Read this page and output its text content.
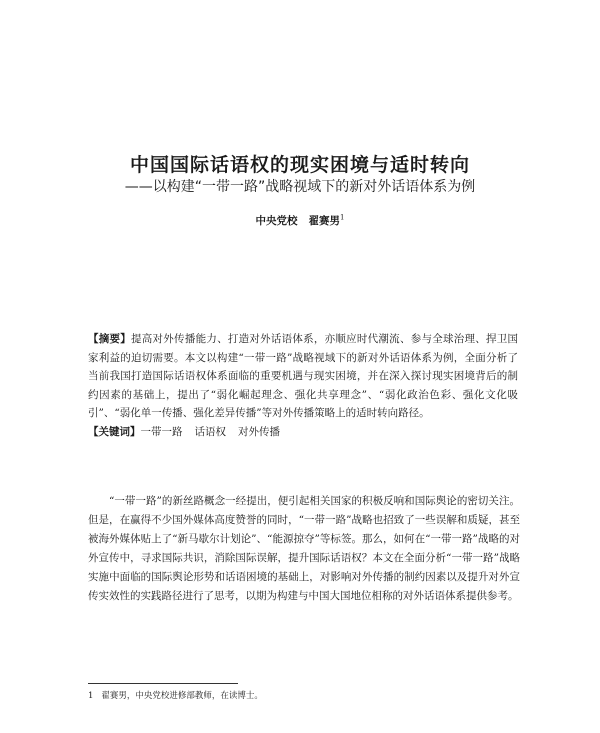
中国国际话语权的现实困境与适时转向
——以构建“一带一路”战略视域下的新对外话语体系为例
中央党校 翟赛男$^1$
【摘要】提高对外传播能力、打造对外话语体系，亦顺应时代潮流、参与全球治理、捍卫国家利益的迫切需要。本文以构建“一带一路”战略视域下的新对外话语体系为例，全面分析了当前我国打造国际话语权体系面临的重要机遇与现实困境，并在深入探讨现实困境背后的制约因素的基础上，提出了“弱化崛起理念、强化共享理念”、“弱化政治色彩、强化文化吸引”、“弱化单一传播、强化差异传播”等对外传播策略上的适时转向路径。
【关键词】一带一路 话语权 对外传播
“一带一路”的新丝路概念一经提出，便引起相关国家的积极反响和国际舆论的密切关注。但是，在赢得不少国外媒体高度赞誉的同时，“一带一路”战略也招致了一些误解和质疑，甚至被海外媒体贴上了“新马歇尔计划论”、“能源掠夺”等标签。那么，如何在“一带一路”战略的对外宣传中，寻求国际共识，消除国际误解，提升国际话语权？本文在全面分析“一带一路”战略实施中面临的国际舆论形势和话语困境的基础上，对影响对外传播的制约因素以及提升对外宣传实效性的实践路径进行了思考，以期为构建与中国大国地位相称的对外话语体系提供参考。
1 翟赛男，中央党校进修部教师，在读博士。
